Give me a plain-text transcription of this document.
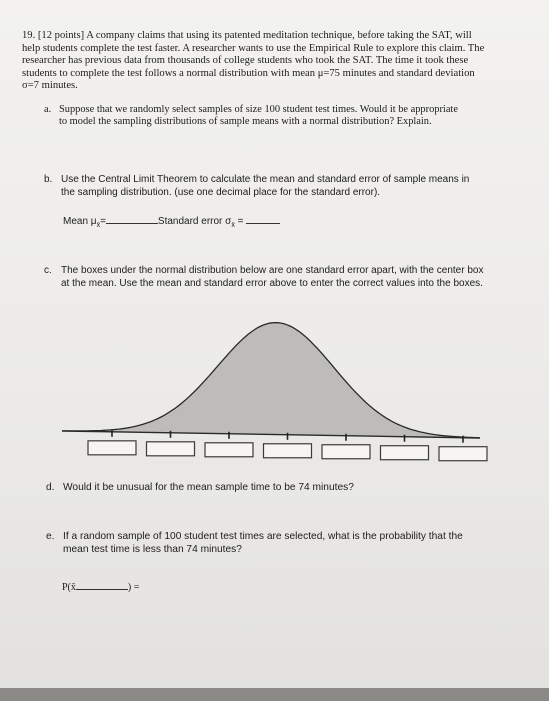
19. [12 points] A company claims that using its patented meditation technique, before taking the SAT, will help students complete the test faster. A researcher wants to use the Empirical Rule to explore this claim. The researcher has previous data from thousands of college students who took the SAT. The time it took these students to complete the test follows a normal distribution with mean μ=75 minutes and standard deviation σ=7 minutes.
a. Suppose that we randomly select samples of size 100 student test times. Would it be appropriate to model the sampling distributions of sample means with a normal distribution? Explain.
b. Use the Central Limit Theorem to calculate the mean and standard error of sample means in the sampling distribution. (use one decimal place for the standard error).
Mean $\mu_{x̄}=$	Standard error $\sigma_{x̄}$ =
c. The boxes under the normal distribution below are one standard error apart, with the center box at the mean. Use the mean and standard error above to enter the correct values into the boxes.
d. Would it be unusual for the mean sample time to be 74 minutes?
e. If a random sample of 100 student test times are selected, what is the probability that the mean test time is less than 74 minutes?
P(x̄	) =
